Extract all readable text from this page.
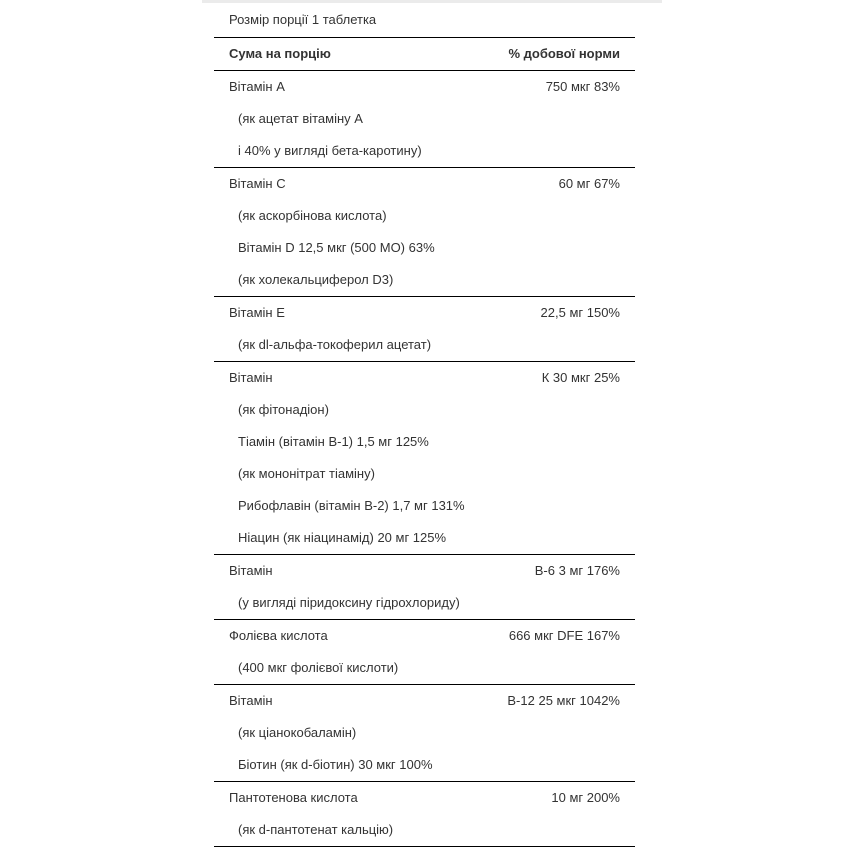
Розмір порції 1 таблетка
Сума на порцію	% добової норми
Вітамін А	750 мкг 83%
(як ацетат вітаміну А
і 40% у вигляді бета-каротину)
Вітамін С	60 мг 67%
(як аскорбінова кислота)
Вітамін D 12,5 мкг (500 МО) 63%
(як холекальциферол D3)
Вітамін Е	22,5 мг 150%
(як dl-альфа-токоферил ацетат)
Вітамін	К 30 мкг 25%
(як фітонадіон)
Тіамін (вітамін В-1) 1,5 мг 125%
(як мононітрат тіаміну)
Рибофлавін (вітамін В-2) 1,7 мг 131%
Ніацин (як ніацинамід) 20 мг 125%
Вітамін	В-6 3 мг 176%
(у вигляді піридоксину гідрохлориду)
Фолієва кислота	666 мкг DFE 167%
(400 мкг фолієвої кислоти)
Вітамін	В-12 25 мкг 1042%
(як ціанокобаламін)
Біотин (як d-біотин) 30 мкг 100%
Пантотенова кислота	10 мг 200%
(як d-пантотенат кальцію)
